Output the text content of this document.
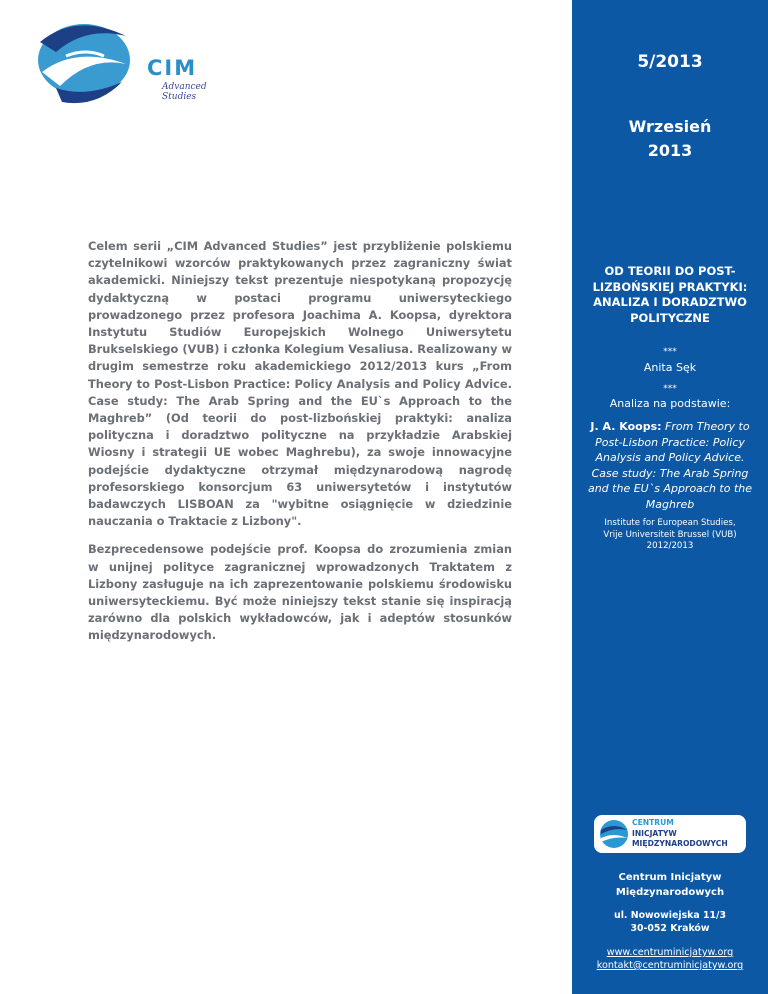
CIM
Advanced Studies

Celem serii „CIM Advanced Studies” jest przybliżenie polskiemu czytelnikowi wzorców praktykowanych przez zagraniczny świat akademicki. Niniejszy tekst prezentuje niespotykaną propozycję dydaktyczną w postaci programu uniwersyteckiego prowadzonego przez profesora Joachima A. Koopsa, dyrektora Instytutu Studiów Europejskich Wolnego Uniwersytetu Brukselskiego (VUB) i członka Kolegium Vesaliusa. Realizowany w drugim semestrze roku akademickiego 2012/2013 kurs „From Theory to Post-Lisbon Practice: Policy Analysis and Policy Advice. Case study: The Arab Spring and the EU`s Approach to the Maghreb” (Od teorii do post-lizbońskiej praktyki: analiza polityczna i doradztwo polityczne na przykładzie Arabskiej Wiosny i strategii UE wobec Maghrebu), za swoje innowacyjne podejście dydaktyczne otrzymał międzynarodową nagrodę profesorskiego konsorcjum 63 uniwersytetów i instytutów badawczych LISBOAN za "wybitne osiągnięcie w dziedzinie nauczania o Traktacie z Lizbony".

Bezprecedensowe podejście prof. Koopsa do zrozumienia zmian w unijnej polityce zagranicznej wprowadzonych Traktatem z Lizbony zasługuje na ich zaprezentowanie polskiemu środowisku uniwersyteckiemu. Być może niniejszy tekst stanie się inspiracją zarówno dla polskich wykładowców, jak i adeptów stosunków międzynarodowych.

5/2013
Wrzesień
2013
OD TEORII DO POST-LIZBOŃSKIEJ PRAKTYKI: ANALIZA I DORADZTWO POLITYCZNE
***
Anita Sęk
***
Analiza na podstawie:
J. A. Koops: From Theory to Post-Lisbon Practice: Policy Analysis and Policy Advice. Case study: The Arab Spring and the EU`s Approach to the Maghreb
Institute for European Studies,
Vrije Universiteit Brussel (VUB)
2012/2013
CENTRUM
INICJATYW
MIĘDZYNARODOWYCH
Centrum Inicjatyw
Międzynarodowych
ul. Nowowiejska 11/3
30-052 Kraków
www.centruminicjatyw.org
kontakt@centruminicjatyw.org
